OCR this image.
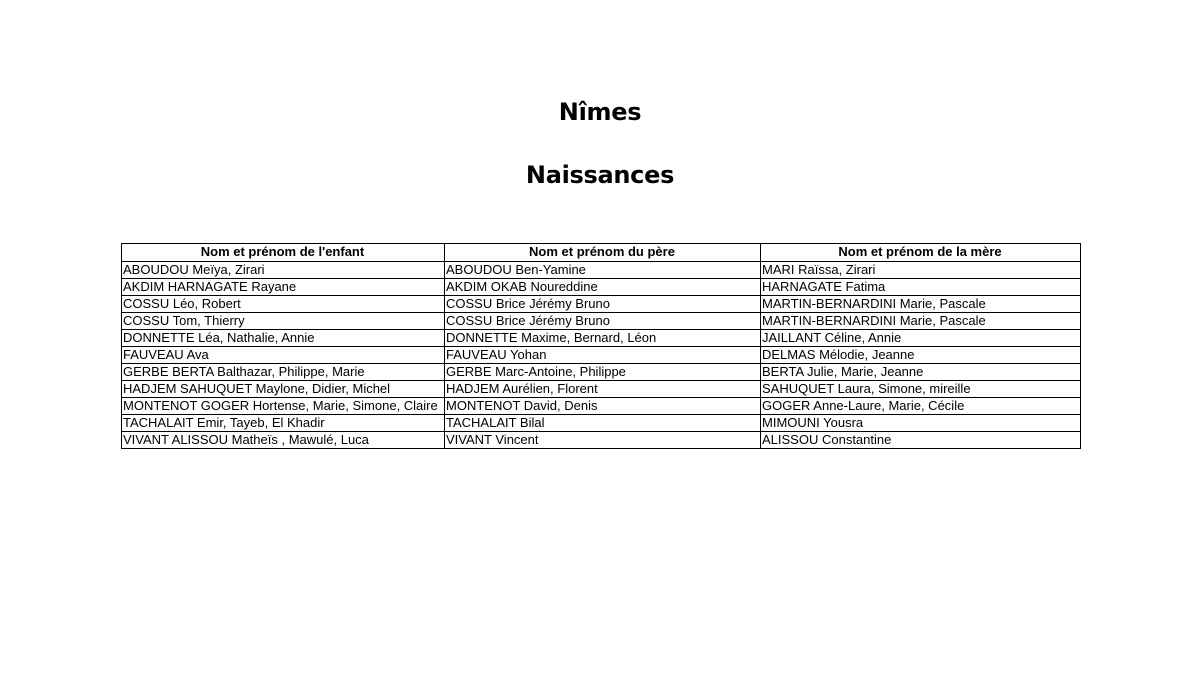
Nîmes
Naissances
Nom et prénom de l'enfant	Nom et prénom du père	Nom et prénom de la mère
ABOUDOU Meïya, Zirari	ABOUDOU Ben-Yamine	MARI Raïssa, Zirari
AKDIM HARNAGATE Rayane	AKDIM OKAB Noureddine	HARNAGATE Fatima
COSSU Léo, Robert	COSSU Brice Jérémy Bruno	MARTIN-BERNARDINI Marie, Pascale
COSSU Tom, Thierry	COSSU Brice Jérémy Bruno	MARTIN-BERNARDINI Marie, Pascale
DONNETTE Léa, Nathalie, Annie	DONNETTE Maxime, Bernard, Léon	JAILLANT Céline, Annie
FAUVEAU Ava	FAUVEAU Yohan	DELMAS Mélodie, Jeanne
GERBE BERTA Balthazar, Philippe, Marie	GERBE Marc-Antoine, Philippe	BERTA Julie, Marie, Jeanne
HADJEM SAHUQUET Maylone, Didier, Michel	HADJEM Aurélien, Florent	SAHUQUET Laura, Simone, mireille
MONTENOT GOGER Hortense, Marie, Simone, Claire	MONTENOT David, Denis	GOGER Anne-Laure, Marie, Cécile
TACHALAIT Emir, Tayeb, El Khadir	TACHALAIT Bilal	MIMOUNI Yousra
VIVANT ALISSOU Matheïs , Mawulé, Luca	VIVANT Vincent	ALISSOU Constantine
